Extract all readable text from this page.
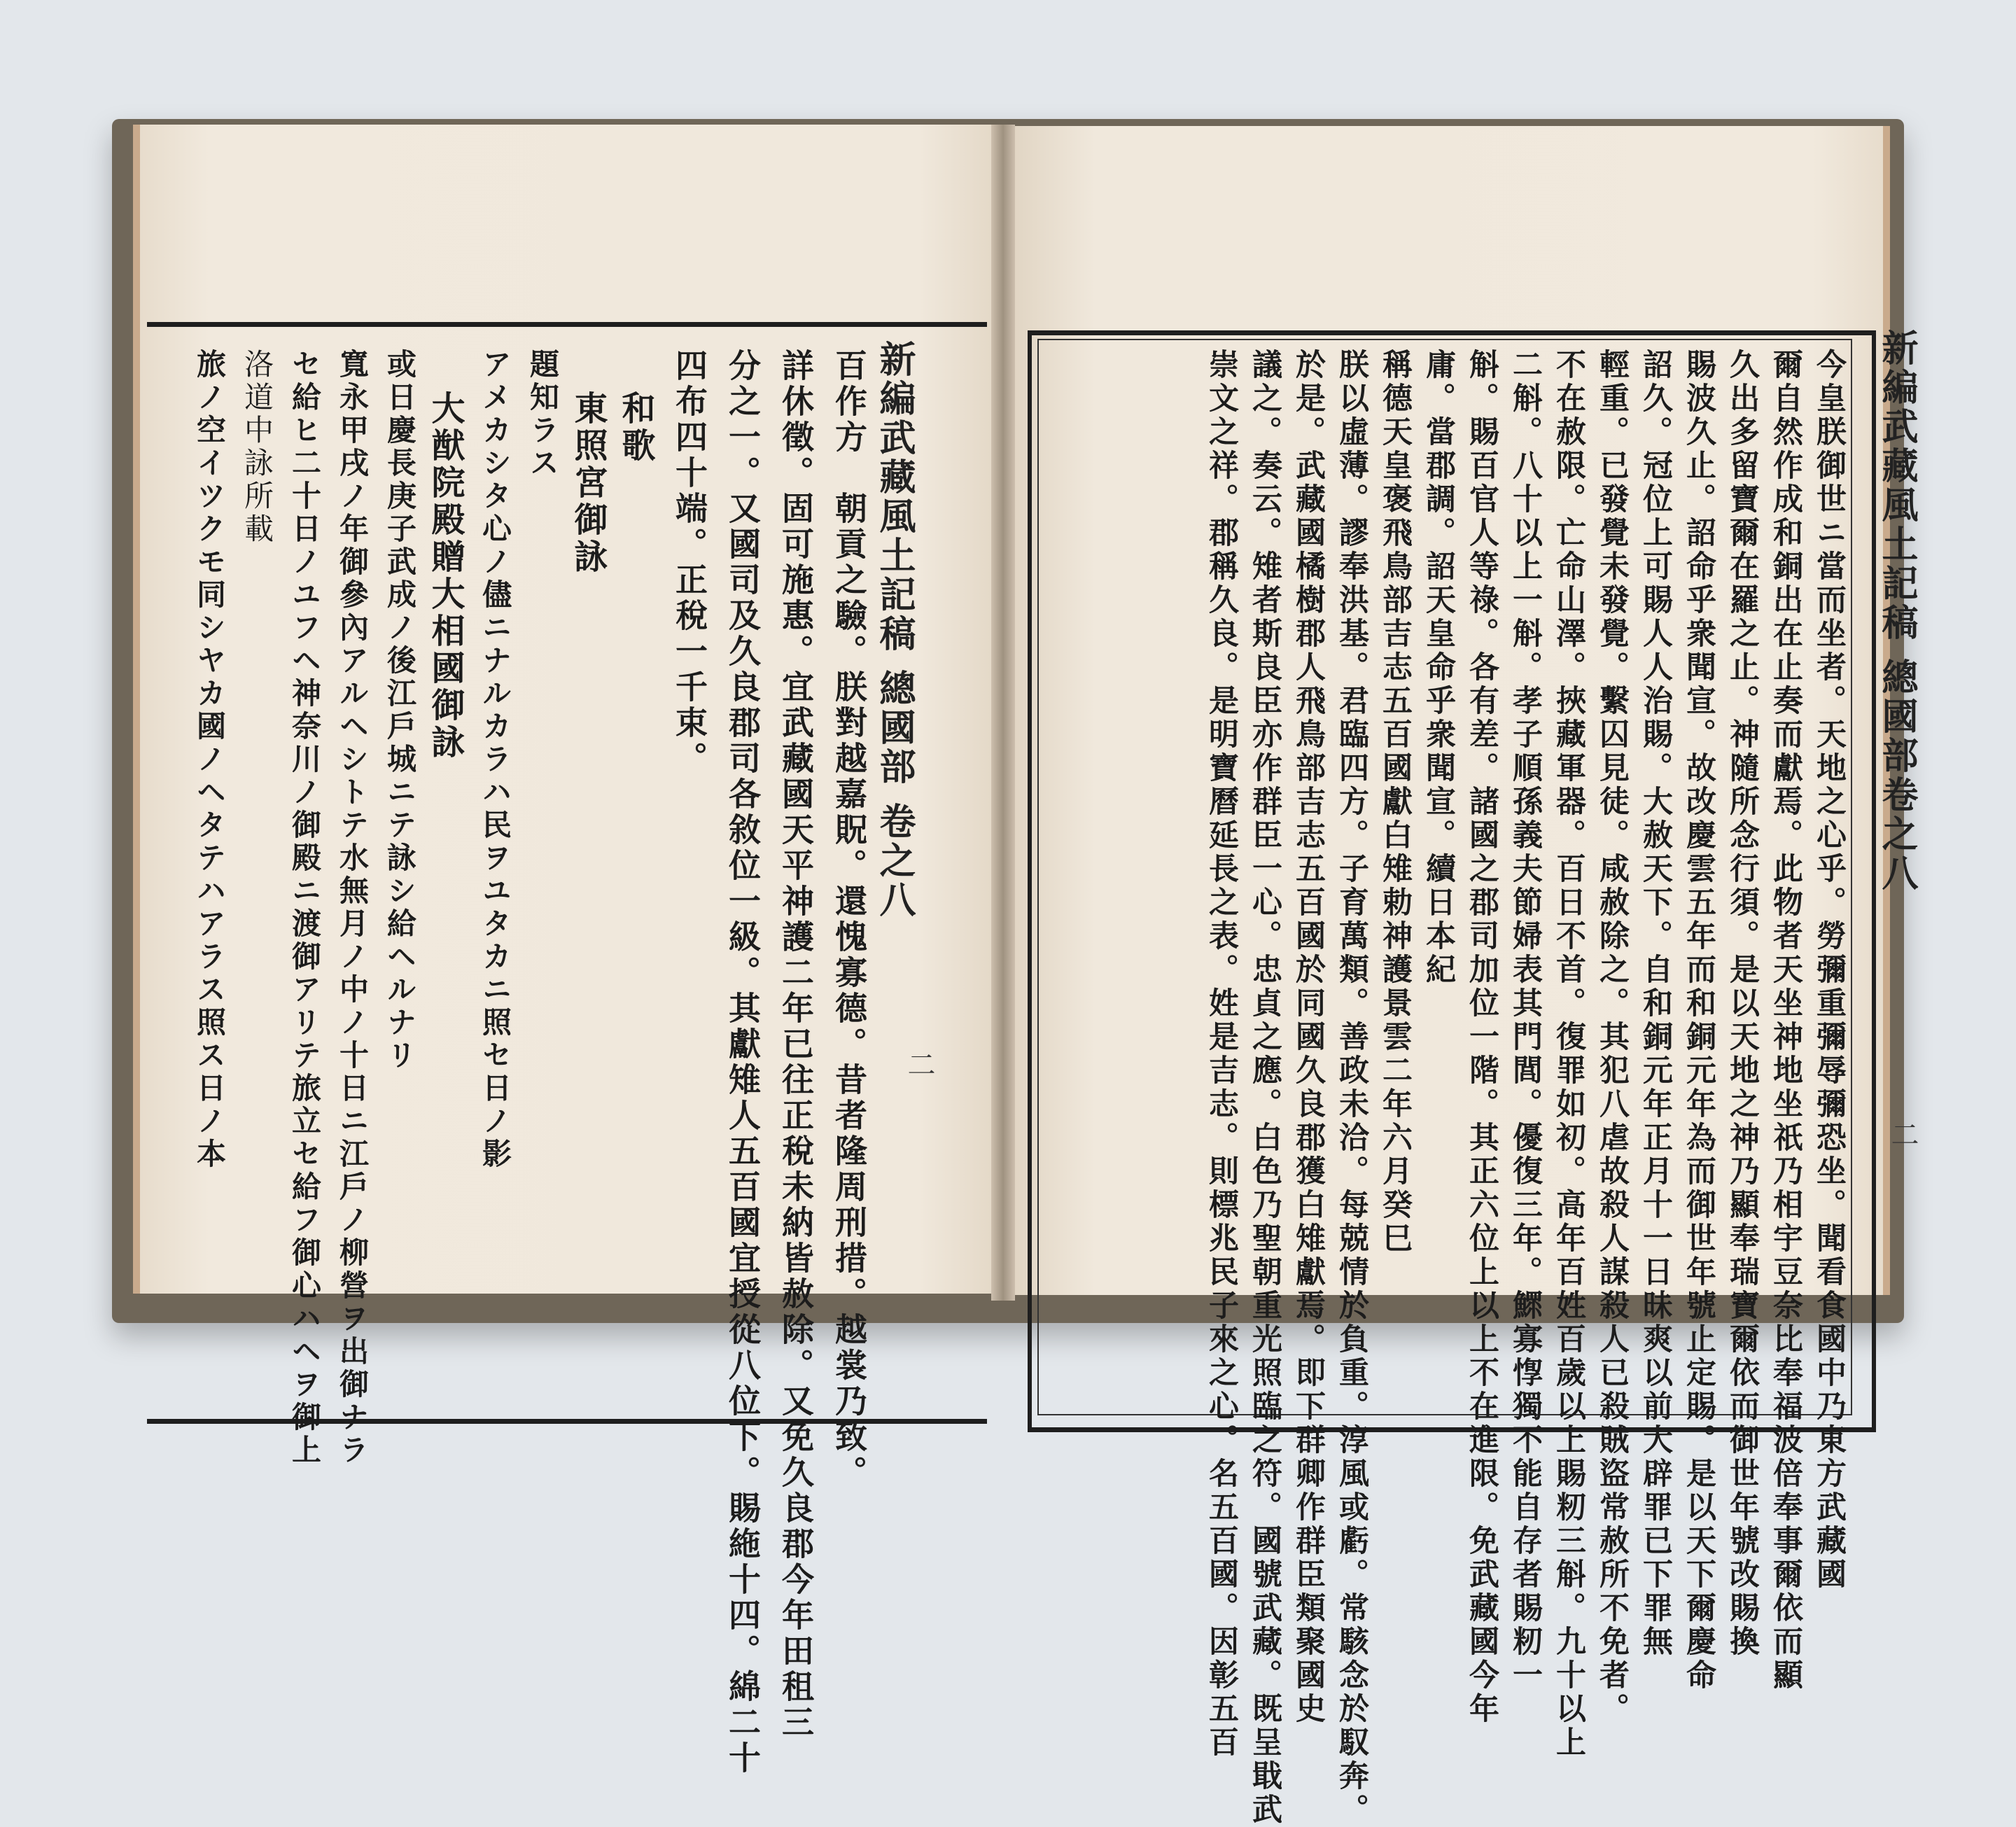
新編武藏風土記稿 總國部 卷之八
二
新編武藏風土記稿 總國部卷之八
二
今皇朕御世ニ當而坐者。天地之心乎。勞彌重彌辱彌恐坐。聞看食國中乃東方武藏國
爾自然作成和銅出在止奏而獻焉。此物者天坐神地坐祇乃相宇豆奈比奉福波倍奉事爾依而顯
久出多留寶爾在羅之止。神隨所念行須。是以天地之神乃顯奉瑞寶爾依而御世年號改賜換
賜波久止。詔命乎衆聞宣。故改慶雲五年而和銅元年為而御世年號止定賜。是以天下爾慶命
詔久。冠位上可賜人人治賜。大赦天下。自和銅元年正月十一日昧爽以前大辟罪已下罪無
輕重。已發覺未發覺。繫囚見徒。咸赦除之。其犯八虐故殺人謀殺人已殺賊盜常赦所不免者。
不在赦限。亡命山澤。挾藏軍器。百日不首。復罪如初。高年百姓百歲以上賜籾三斛。九十以上
二斛。八十以上一斛。孝子順孫義夫節婦表其門閭。優復三年。鰥寡惸獨不能自存者賜籾一
斛。賜百官人等祿。各有差。諸國之郡司加位一階。其正六位上以上不在進限。免武藏國今年
庸。當郡調。詔天皇命乎衆聞宣。續日本紀
稱德天皇褒飛鳥部吉志五百國獻白雉勅神護景雲二年六月癸巳
朕以虛薄。謬奉洪基。君臨四方。子育萬類。善政未洽。每兢情於負重。淳風或虧。常駭念於馭奔。
於是。武藏國橘樹郡人飛鳥部吉志五百國於同國久良郡獲白雉獻焉。即下群卿作群臣類聚國史
議之。奏云。雉者斯良臣亦作群臣一心。忠貞之應。白色乃聖朝重光照臨之符。國號武藏。既呈戢武
崇文之祥。郡稱久良。是明寶曆延長之表。姓是吉志。則標兆民子來之心。名五百國。因彰五百
百作方　朝貢之驗。朕對越嘉貺。還愧寡德。昔者隆周刑措。越裳乃致。
詳休徵。固可施惠。宜武藏國天平神護二年已往正稅未納皆赦除。又免久良郡今年田租三
分之一。又國司及久良郡司各敘位一級。其獻雉人五百國宜授從八位下。賜絁十四。綿二十
四布四十端。正稅一千束。
和歌
東照宮御詠
題知ラス
アメカシタ心ノ儘ニナルカラハ民ヲユタカニ照セ日ノ影
大猷院殿贈大相國御詠
或日慶長庚子武成ノ後江戶城ニテ詠シ給ヘルナリ
寬永甲戌ノ年御參內アルヘシトテ水無月ノ中ノ十日ニ江戶ノ柳營ヲ出御ナラ
セ給ヒ二十日ノユフヘ神奈川ノ御殿ニ渡御アリテ旅立セ給フ御心ハヘヲ御上
洛道中詠所載
旅ノ空イツクモ同シヤカ國ノヘタテハアラス照ス日ノ本
